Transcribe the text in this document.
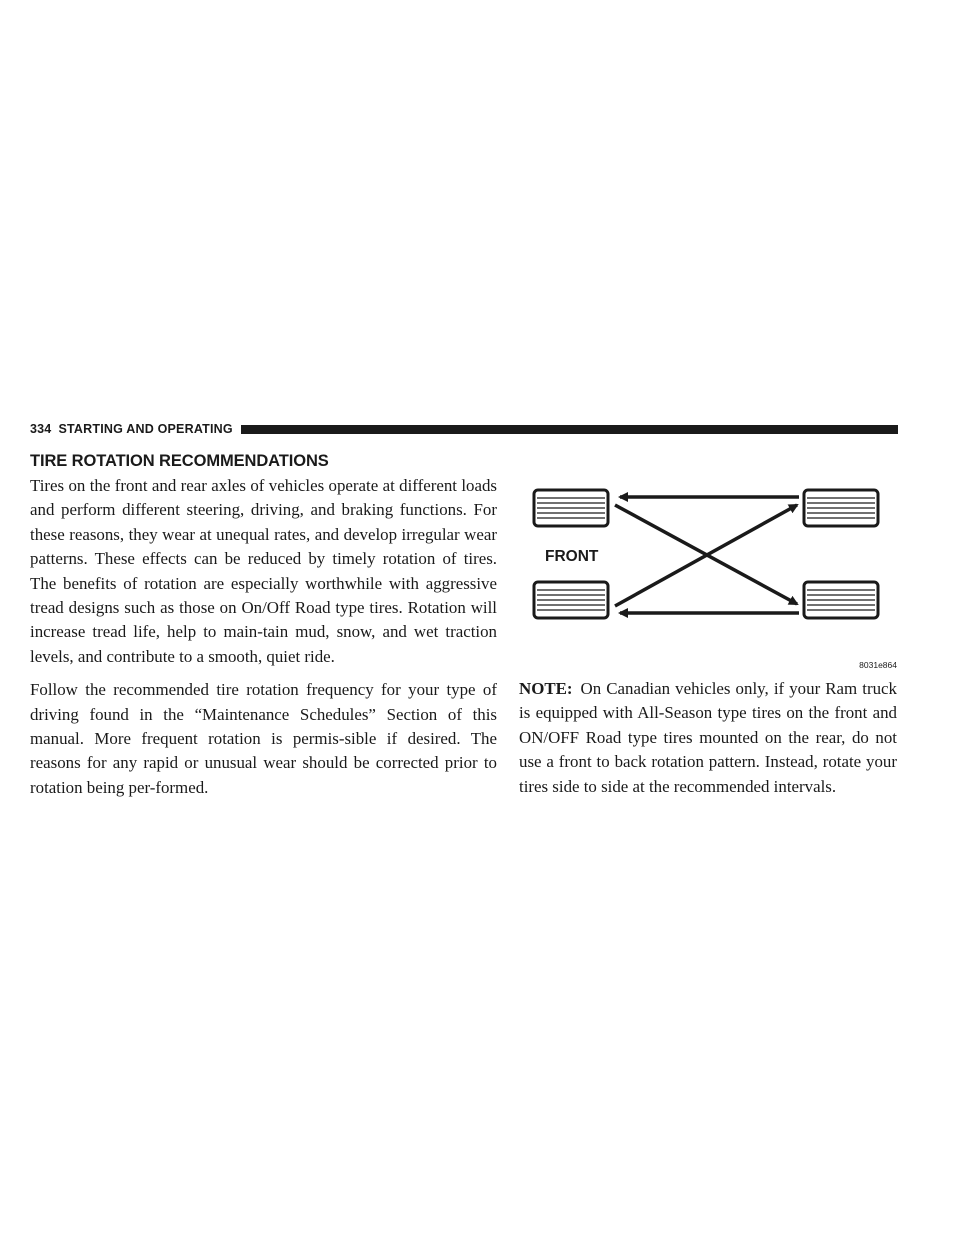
334 STARTING AND OPERATING
TIRE ROTATION RECOMMENDATIONS

Tires on the front and rear axles of vehicles operate at different loads and perform different steering, driving, and braking functions. For these reasons, they wear at unequal rates, and develop irregular wear patterns. These effects can be reduced by timely rotation of tires. The benefits of rotation are especially worthwhile with aggressive tread designs such as those on On/Off Road type tires. Rotation will increase tread life, help to main-tain mud, snow, and wet traction levels, and contribute to a smooth, quiet ride.

Follow the recommended tire rotation frequency for your type of driving found in the “Maintenance Schedules” Section of this manual. More frequent rotation is permis-sible if desired. The reasons for any rapid or unusual wear should be corrected prior to rotation being per-formed.

FRONT
8031e864

NOTE: On Canadian vehicles only, if your Ram truck is equipped with All-Season type tires on the front and ON/OFF Road type tires mounted on the rear, do not use a front to back rotation pattern. Instead, rotate your tires side to side at the recommended intervals.
